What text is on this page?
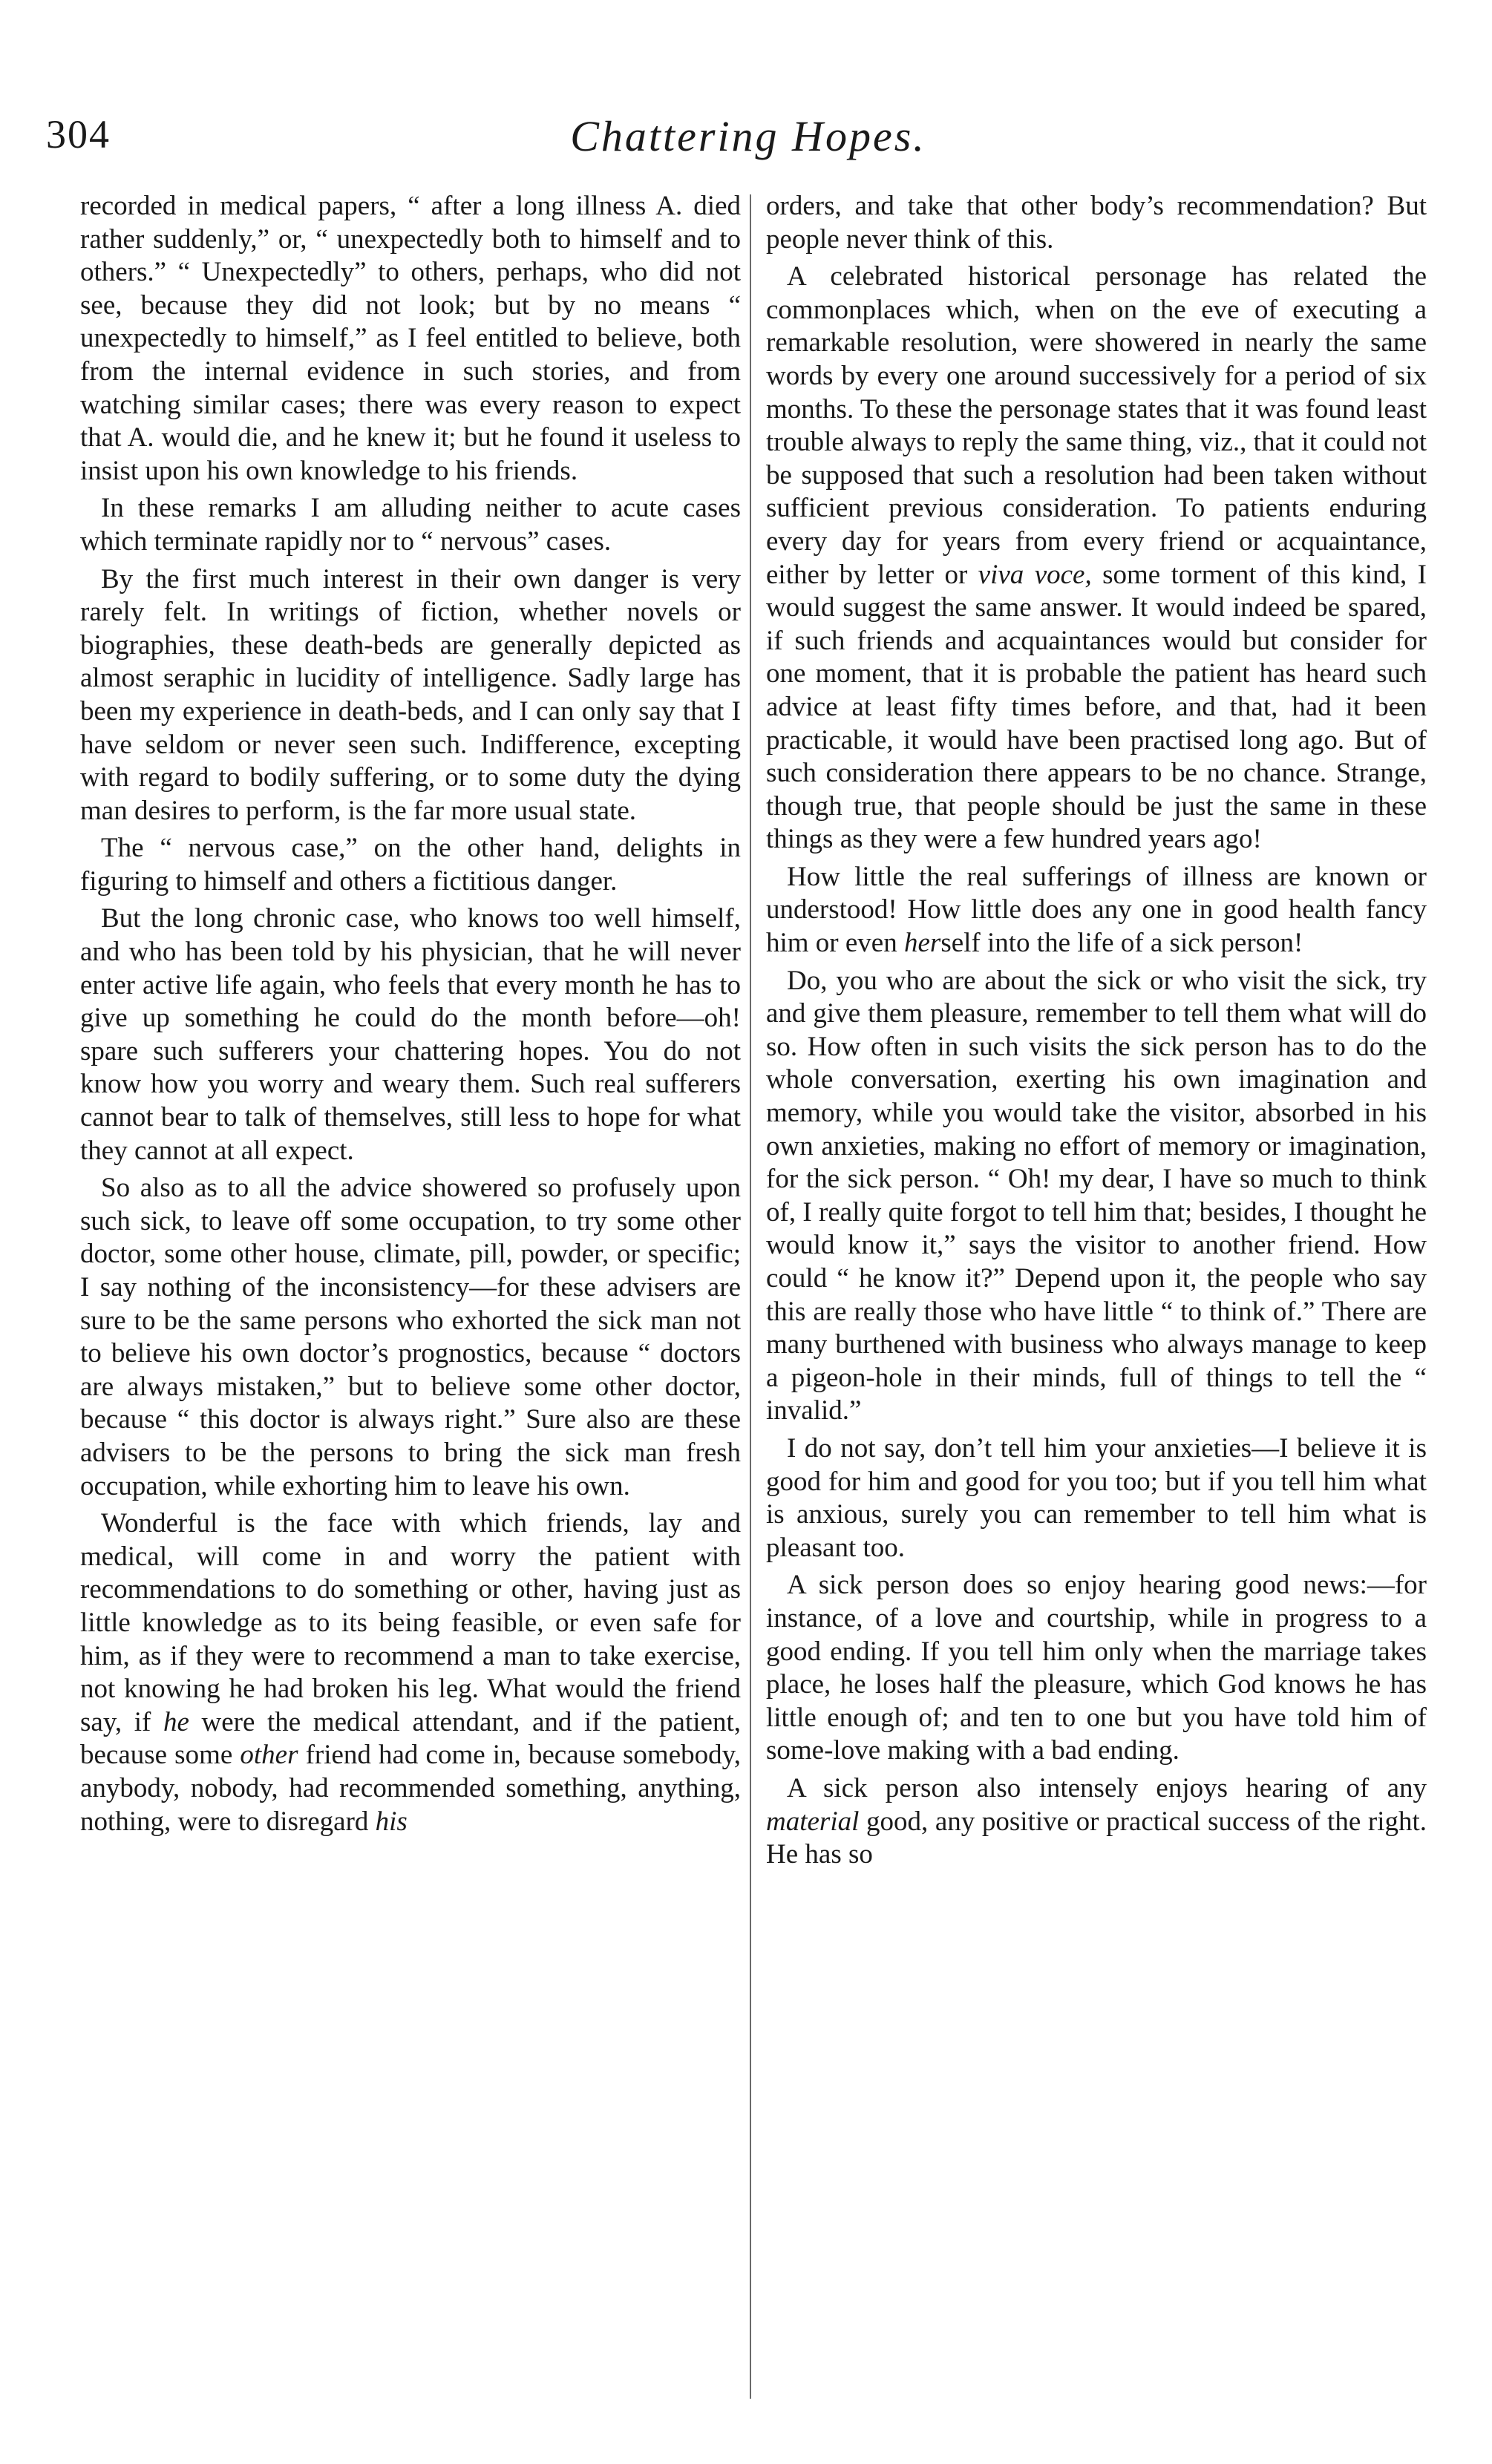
304	Chattering Hopes.

recorded in medical papers, “ after a long illness A. died rather suddenly,” or, “ unexpectedly both to himself and to others.” “ Unexpectedly” to others, perhaps, who did not see, because they did not look; but by no means “ unexpectedly to himself,” as I feel entitled to believe, both from the internal evidence in such stories, and from watching similar cases; there was every reason to expect that A. would die, and he knew it; but he found it useless to insist upon his own knowledge to his friends.

In these remarks I am alluding neither to acute cases which terminate rapidly nor to “ nervous” cases.

By the first much interest in their own danger is very rarely felt. In writings of fiction, whether novels or biographies, these death-beds are generally depicted as almost seraphic in lucidity of intelligence. Sadly large has been my experience in death-beds, and I can only say that I have seldom or never seen such. Indifference, excepting with regard to bodily suffering, or to some duty the dying man desires to perform, is the far more usual state.

The “ nervous case,” on the other hand, delights in figuring to himself and others a fictitious danger.

But the long chronic case, who knows too well himself, and who has been told by his physician, that he will never enter active life again, who feels that every month he has to give up something he could do the month before—oh! spare such sufferers your chattering hopes. You do not know how you worry and weary them. Such real sufferers cannot bear to talk of themselves, still less to hope for what they cannot at all expect.

So also as to all the advice showered so profusely upon such sick, to leave off some occupation, to try some other doctor, some other house, climate, pill, powder, or specific; I say nothing of the inconsistency—for these advisers are sure to be the same persons who exhorted the sick man not to believe his own doctor’s prognostics, because “ doctors are always mistaken,” but to believe some other doctor, because “ this doctor is always right.” Sure also are these advisers to be the persons to bring the sick man fresh occupation, while exhorting him to leave his own.

Wonderful is the face with which friends, lay and medical, will come in and worry the patient with recommendations to do something or other, having just as little knowledge as to its being feasible, or even safe for him, as if they were to recommend a man to take exercise, not knowing he had broken his leg. What would the friend say, if he were the medical attendant, and if the patient, because some other friend had come in, because somebody, anybody, nobody, had recommended something, anything, nothing, were to disregard his

orders, and take that other body’s recommendation? But people never think of this.

A celebrated historical personage has related the commonplaces which, when on the eve of executing a remarkable resolution, were showered in nearly the same words by every one around successively for a period of six months. To these the personage states that it was found least trouble always to reply the same thing, viz., that it could not be supposed that such a resolution had been taken without sufficient previous consideration. To patients enduring every day for years from every friend or acquaintance, either by letter or viva voce, some torment of this kind, I would suggest the same answer. It would indeed be spared, if such friends and acquaintances would but consider for one moment, that it is probable the patient has heard such advice at least fifty times before, and that, had it been practicable, it would have been practised long ago. But of such consideration there appears to be no chance. Strange, though true, that people should be just the same in these things as they were a few hundred years ago!

How little the real sufferings of illness are known or understood! How little does any one in good health fancy him or even herself into the life of a sick person!

Do, you who are about the sick or who visit the sick, try and give them pleasure, remember to tell them what will do so. How often in such visits the sick person has to do the whole conversation, exerting his own imagination and memory, while you would take the visitor, absorbed in his own anxieties, making no effort of memory or imagination, for the sick person. “ Oh! my dear, I have so much to think of, I really quite forgot to tell him that; besides, I thought he would know it,” says the visitor to another friend. How could “ he know it?” Depend upon it, the people who say this are really those who have little “ to think of.” There are many burthened with business who always manage to keep a pigeon-hole in their minds, full of things to tell the “ invalid.”

I do not say, don’t tell him your anxieties—I believe it is good for him and good for you too; but if you tell him what is anxious, surely you can remember to tell him what is pleasant too.

A sick person does so enjoy hearing good news:—for instance, of a love and courtship, while in progress to a good ending. If you tell him only when the marriage takes place, he loses half the pleasure, which God knows he has little enough of; and ten to one but you have told him of some-love making with a bad ending.

A sick person also intensely enjoys hearing of any material good, any positive or practical success of the right. He has so
